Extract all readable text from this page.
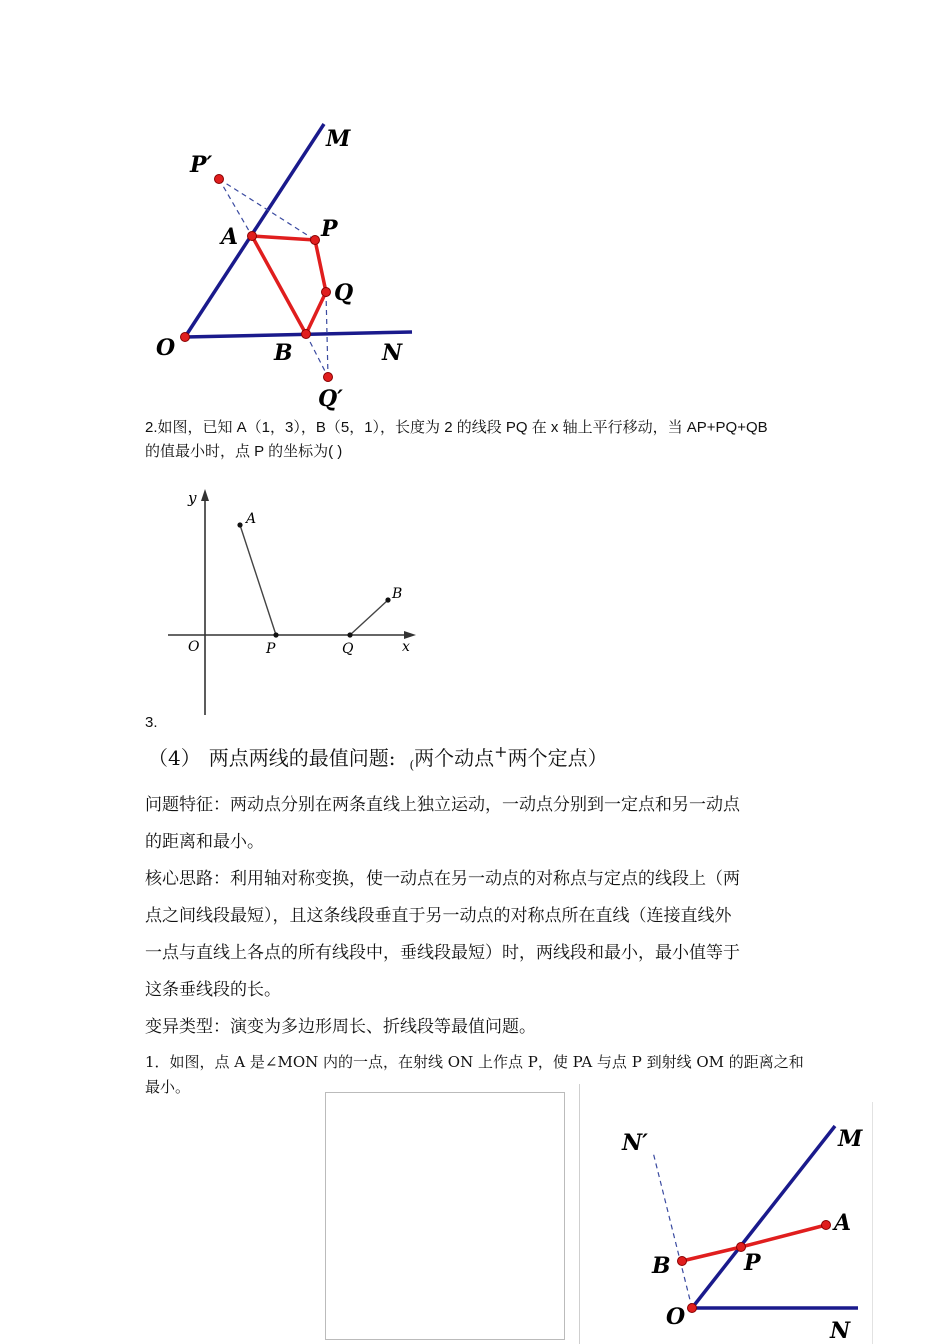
M
P′
P
A
Q
O	B	N
Q′
2.如图，已知 A（1，3），B（5，1），长度为 2 的线段 PQ 在 x 轴上平行移动，当 AP+PQ+QB
的值最小时，点 P 的坐标为( )
y
A
B
O	P	Q	x
3.
（4） 两点两线的最值问题: $_($两个动点+两个定点）
问题特征：两动点分别在两条直线上独立运动，一动点分别到一定点和另一动点
的距离和最小。
核心思路：利用轴对称变换，使一动点在另一动点的对称点与定点的线段上（两
点之间线段最短），且这条线段垂直于另一动点的对称点所在直线（连接直线外
一点与直线上各点的所有线段中，垂线段最短）时，两线段和最小，最小值等于
这条垂线段的长。
变异类型：演变为多边形周长、折线段等最值问题。
1．如图，点 A 是∠MON 内的一点，在射线 ON 上作点 P，使 PA 与点 P 到射线 OM 的距离之和
最小。
N′	M
A
B	P
O
N
